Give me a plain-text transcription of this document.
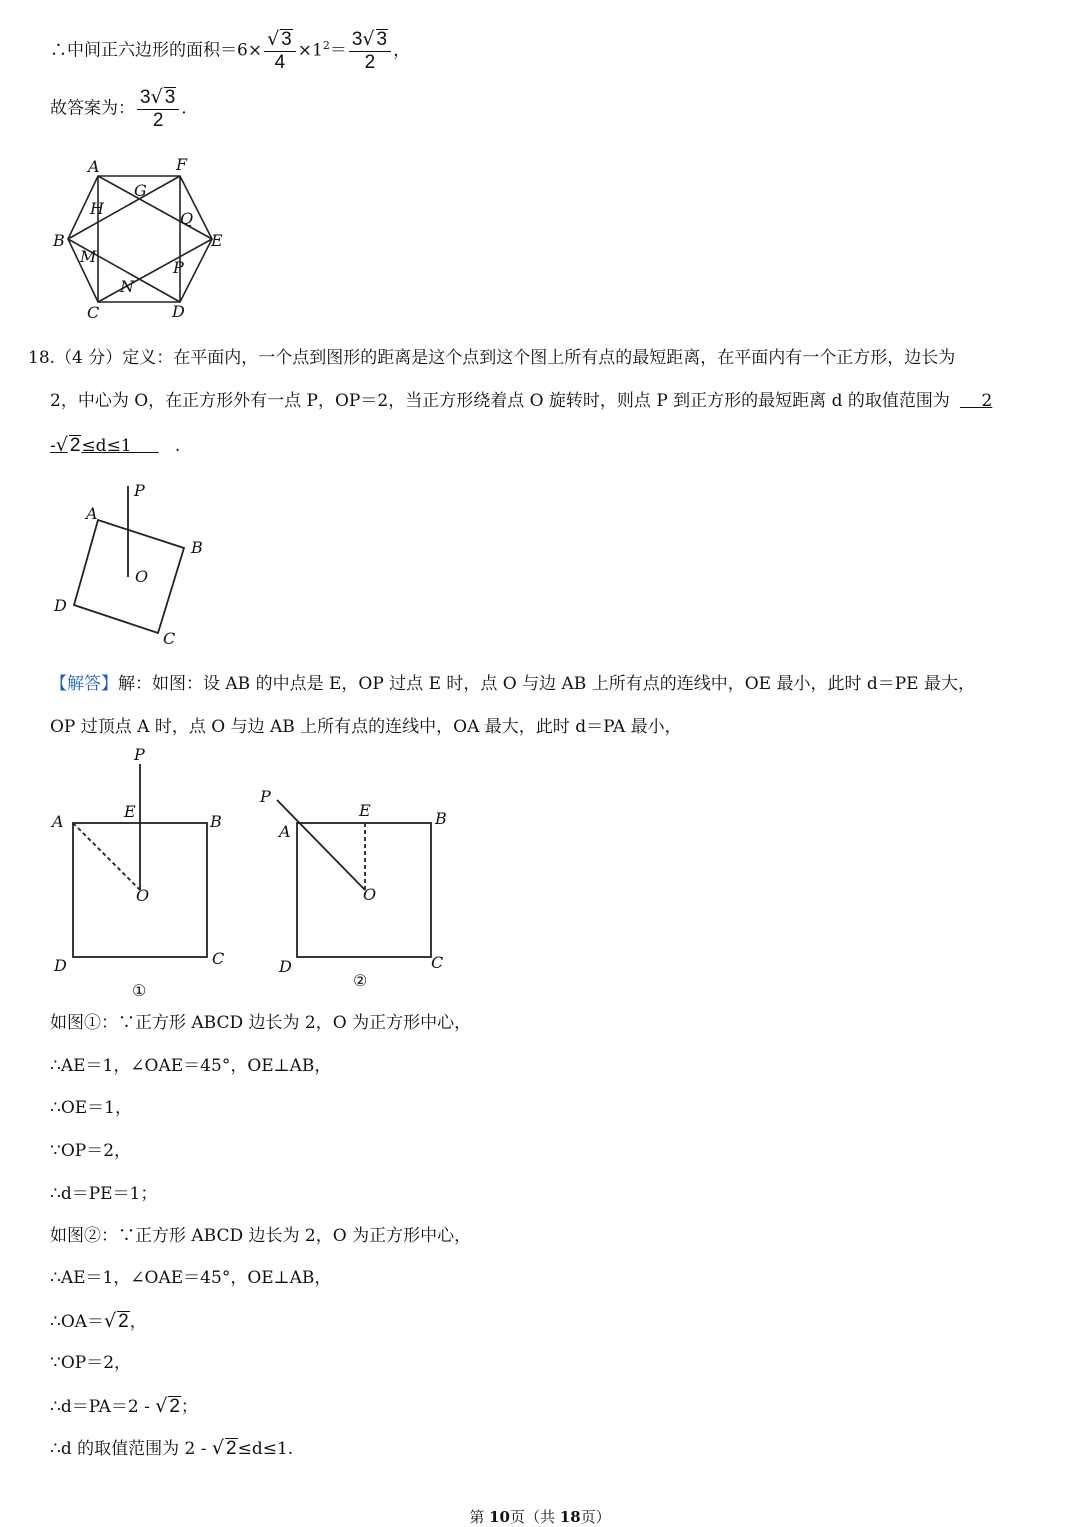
∴中间正六边形的面积$=6\times \frac{√ 3}{4} \times 1^2= \frac{3√ 3}{2}$ ，
故答案为： $\frac{3√ 3}{2}$ .
A	F
G
H
Q
B	E
M
P
N
C	D
18.（4 分）定义：在平面内，一个点到图形的距离是这个点到这个图上所有点的最短距离，在平面内有一个正方形，边长为
2，中心为 O，在正方形外有一点 P，OP＝2，当正方形绕着点 O 旋转时，则点 P 到正方形的最短距离 d 的取值范围为 2
-√ 2≤d≤1	.
P
A
B
O
D
C
【解答】解：如图：设 AB 的中点是 E，OP 过点 E 时，点 O 与边 AB 上所有点的连线中，OE 最小，此时 d＝PE 最大，
OP 过顶点 A 时，点 O 与边 AB 上所有点的连线中，OA 最大，此时 d＝PA 最小，
P
A
E
B
O
D	C
①
P
A
E	B
O
D	C
②
如图①：∵正方形 ABCD 边长为 2，O 为正方形中心，
∴AE＝1，∠OAE＝45°，OE⊥AB，
∴OE＝1，
∵OP＝2，
∴d＝PE＝1；
如图②：∵正方形 ABCD 边长为 2，O 为正方形中心，
∴AE＝1，∠OAE＝45°，OE⊥AB，
∴OA＝√ 2，
∵OP＝2，
∴d＝PA＝2 - √ 2；
∴d 的取值范围为 2 - √ 2≤d≤1.
第 10页（共 18页）
